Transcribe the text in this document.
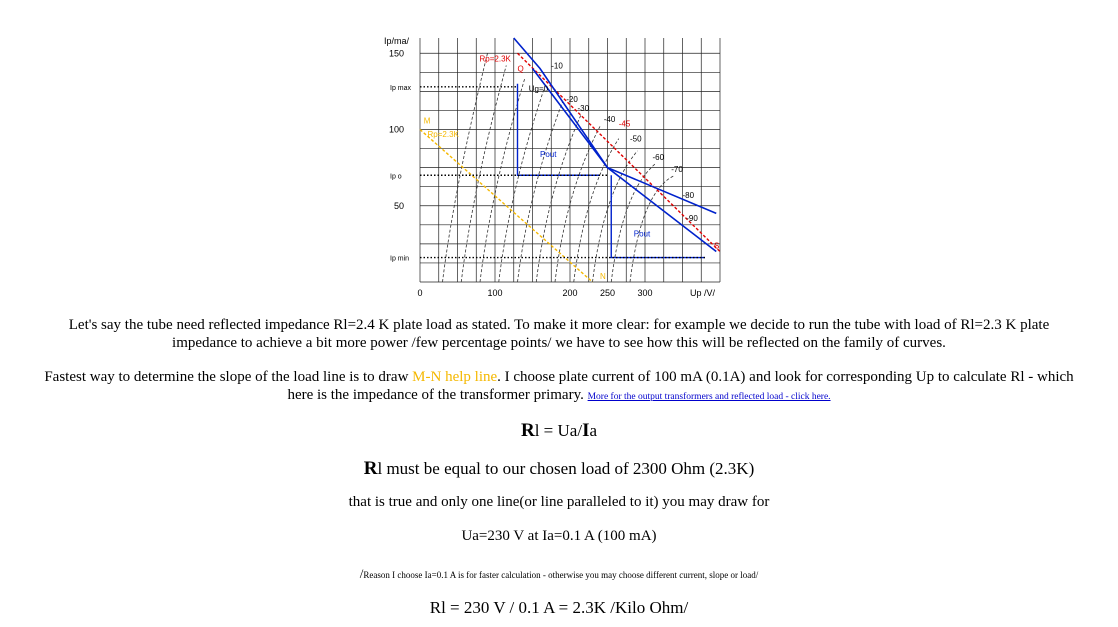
Rp=2.3K
Rp=2.3K
Pout
Pout
Ip max
Ip o
Ip min
0	100	200 250 300
150
100
50
Ip/ma/
Up /V/
Ug=0
-10
-20
-30
-40
-45
-50
-60
-70
-80
-90
M
N
Q
S
Let's say the tube need reflected impedance Rl=2.4 K plate load as stated. To make it more clear: for example we decide to run the tube with load of Rl=2.3 K plate
impedance to achieve a bit more power /few percentage points/ we have to see how this will be reflected on the family of curves.
Fastest way to determine the slope of the load line is to draw M-N help line. I choose plate current of 100 mA (0.1A) and look for corresponding Up to calculate Rl - which
here is the impedance of the transformer primary. More for the output transformers and reflected load - click here.
Rl = Ua/Ia
Rl must be equal to our chosen load of 2300 Ohm (2.3K)
that is true and only one line(or line paralleled to it) you may draw for
Ua=230 V at Ia=0.1 A (100 mA)
/Reason I choose Ia=0.1 A is for faster calculation - otherwise you may choose different current, slope or load/
Rl = 230 V / 0.1 A = 2.3K /Kilo Ohm/
